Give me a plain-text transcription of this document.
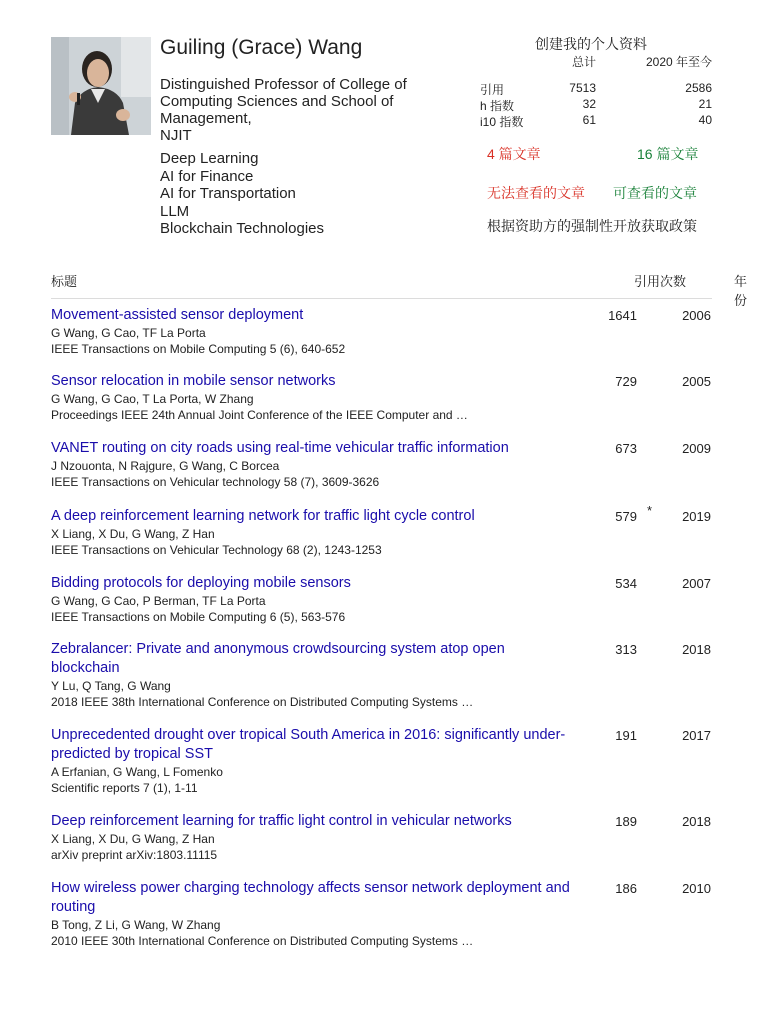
Guiling (Grace) Wang
Distinguished Professor of College of
Computing Sciences and School of
Management,
NJIT
Deep Learning
AI for Finance
AI for Transportation
LLM
Blockchain Technologies
创建我的个人资料
总计	2020 年至今
引用	7513	2586
h 指数	32	21
i10 指数	61	40
4 篇文章	16 篇文章
无法查看的文章 可查看的文章
根据资助方的强制性开放获取政策
标题	引用次数	年份
Movement-assisted sensor deployment
G Wang, G Cao, TF La Porta
IEEE Transactions on Mobile Computing 5 (6), 640-652
1641	2006
Sensor relocation in mobile sensor networks
G Wang, G Cao, T La Porta, W Zhang
Proceedings IEEE 24th Annual Joint Conference of the IEEE Computer and …
729	2005
VANET routing on city roads using real-time vehicular traffic information
J Nzouonta, N Rajgure, G Wang, C Borcea
IEEE Transactions on Vehicular technology 58 (7), 3609-3626
673	2009
A deep reinforcement learning network for traffic light cycle control
X Liang, X Du, G Wang, Z Han
IEEE Transactions on Vehicular Technology 68 (2), 1243-1253
579 * 2019
Bidding protocols for deploying mobile sensors
G Wang, G Cao, P Berman, TF La Porta
IEEE Transactions on Mobile Computing 6 (5), 563-576
534	2007
Zebralancer: Private and anonymous crowdsourcing system atop open blockchain
Y Lu, Q Tang, G Wang
2018 IEEE 38th International Conference on Distributed Computing Systems …
313	2018
Unprecedented drought over tropical South America in 2016: significantly under-predicted by tropical SST
A Erfanian, G Wang, L Fomenko
Scientific reports 7 (1), 1-11
191	2017
Deep reinforcement learning for traffic light control in vehicular networks
X Liang, X Du, G Wang, Z Han
arXiv preprint arXiv:1803.11115
189	2018
How wireless power charging technology affects sensor network deployment and routing
B Tong, Z Li, G Wang, W Zhang
2010 IEEE 30th International Conference on Distributed Computing Systems …
186	2010
